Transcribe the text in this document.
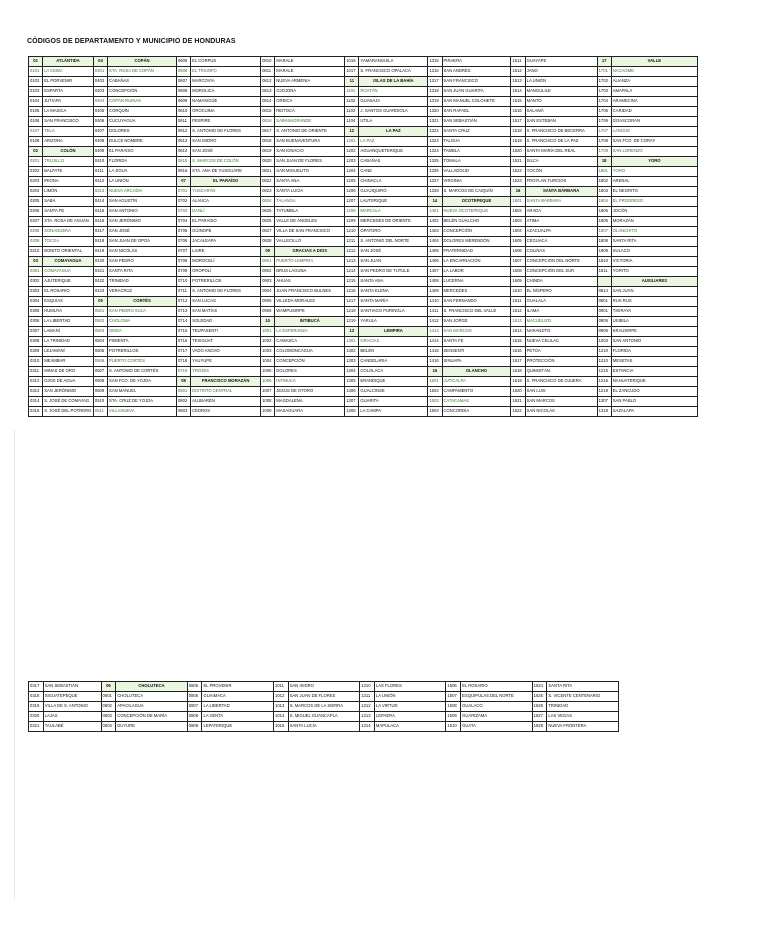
CÓDIGOS DE DEPARTAMENTO Y MUNICIPIO DE HONDURAS
01	ATLÁNTIDA	04	COPÁN	0605	EL CORPUS	0810	MARALE	1016	YAMARANGUILA	1315	PIRAERA	1511	GUAYAPE	17	VALLE
0101	LA CEIBA	0401	STA. ROSA DE COPÁN	0606	EL TRIUNFO	0811	MARALE	1017	S. FRANCISCO OPALACA	1316	SAN ANDRÉS	1512	JANO	1701	NACAOME
0102	EL PORVENIR	0402	CABAÑAS	0607	MARCOVIA	0812	NUEVA ARMENIA	11	ISLAS DE LA BAHÍA	1317	SAN FRANCISCO	1513	LA UNIÓN	1702	ALIANZA
0103	ESPARTA	0403	CONCEPCIÓN	0608	MOROLICA	0813	OJOJONA	1101	ROATÁN	1318	SAN JUAN GUARITA	1514	MANGULILE	1703	AMAPALA
0104	JUTIAPA	0404	COPÁN RUINAS	0609	NAMASIGÜE	0814	OREICA	1102	GUANAJA	1319	SAN MANUEL COLOHETE	1515	MANTO	1704	ARAMECINA
0105	LA MASICA	0405	CORQUÍN	0610	OROCUINA	0815	REITOCA	1103	J. SANTOS GUARDIOLA	1320	SAN RAFAEL	1516	SALAMÁ	1705	CARIDAD
0106	SAN FRANCISCO	0406	CUCUYAGUA	0611	PESPIRE	0816	SABANAGRANDE	1104	UTILA	1321	SAN SEBASTIÁN	1517	SAN ESTEBAN	1706	GOASCORÁN
0107	TELA	0407	DOLORES	0612	S. ANTONIO DE FLORES	0817	S. ANTONIO DE ORIENTE	12	LA PAZ	1322	SANTA CRUZ	1518	S. FRANCISCO DE BECERRA	1707	LANGUE
0108	ARIZONA	0408	DULCE NOMBRE	0613	SAN ISIDRO	0818	SAN BUENAVENTURA	1201	LA PAZ	1323	TALGUA	1519	S. FRANCISCO DE LA PAZ	1708	SAN FCO. DE CORAY
02	COLÓN	0409	EL PARAÍSO	0614	SAN JOSÉ	0819	SAN IGNACIO	1202	AGUANQUETERIQUE	1324	TAMBLA	1520	SANTA MARÍA DEL REAL	1709	SAN LORENZO
0201	TRUJILLO	0410	FLORIDA	0615	S. MARCOS DE COLÓN	0820	SAN JUAN DE FLORES	1203	CABAÑAS	1325	TOMALA	1521	SILCA	18	YORO
0202	BALFATE	0411	LA JIGUA	0616	STA. ANA DE YUSGUARE	0821	SAN MIGUELITO	1204	CANE	1326	VALLADOLID	1522	YOCÓN	1801	YORO
0203	IRIONA	0412	LA UNIÓN	07	EL PARAÍSO	0822	SANTA ANA	1205	CHINACLA	1327	VIRGINIA	1523	FROYLAN TURCIOS	1802	ARENAL
0204	LIMÓN	0413	NUEVA ARCADIA	0701	YUSCARÁN	0823	SANTA LUCÍA	1206	GUAJIQUIRO	1328	S. MARCOS DE CAIQUÍN	16	SANTA BÁRBARA	1803	EL NEGRITO
0205	SABÁ	0414	SAN AGUSTÍN	0702	ALAUCA	0824	TALANGA	1207	LAUTERIQUE	14	OCOTEPEQUE	1601	SANTA BÁRBARA	1804	EL PROGRESO
0206	SANTA FE	0415	SAN ANTONIO	0703	DANLÍ	0825	TATUMBLA	1208	MARCALA	1401	NUEVA OCOTEPEQUE	1602	ARADA	1805	JOCÓN
0207	STA. ROSA DE AGUÁN	0416	SAN JERÓNIMO	0704	EL PARAÍSO	0826	VALLE DE ÁNGELES	1209	MERCEDES DE ORIENTE	1402	BELÉN GUALCHO	1603	ATIMA	1806	MORAZÁN
0208	SONAGUERA	0417	SAN JOSÉ	0705	GÜINOPE	0827	VILLA DE SAN FRANCISCO	1210	OPATORO	1403	CONCEPCIÓN	1604	AZACUALPA	1807	OLANCHITO
0209	TOCOA	0418	SAN JUAN DE OPOA	0706	JACALEAPA	0828	VALLECILLO	1211	S. ANTONIO DEL NORTE	1404	DOLORES MERENDÓN	1605	CEGUACA	1808	SANTA RITA
0210	BONITO ORIENTAL	0419	SAN NICOLÁS	0707	LIURE	09	GRACIAS A DIOS	1212	SAN JOSÉ	1405	FRATERNIDAD	1606	COLINAS	1809	SULACO
03	COMAYAGUA	0420	SAN PEDRO	0708	MOROCELÍ	0901	PUERTO LEMPIRA	1213	SAN JUAN	1406	LA ENCARNACIÓN	1607	CONCEPCIÓN DEL NORTE	1810	VICTORIA
0301	COMAYAGUA	0421	SANTA RITA	0709	OROPOLÍ	0902	BRUS LAGUNA	1214	SAN PEDRO DE TUTULE	1407	LA LABOR	1608	CONCEPCIÓN DEL SUR	1811	YORITO
0302	AJUTERIQUE	0422	TRINIDAD	0710	POTRERILLOS	0903	AHUAS	1215	SANTA ANA	1408	LUCERNA	1609	CHINDA		AUXILIARES
0303	EL ROSARIO	0423	VERACRUZ	0711	S. ANTONIO DE FLORES	0904	JUAN FRANCISCO BULNES	1216	SANTA ELENA	1409	MERCEDES	1610	EL NÍSPERO	0814	SAN JUAN
0304	ESQUÍAS	05	CORTÉS	0712	SAN LUCAS	0905	VILLEDA MORALES	1217	SANTA MARÍA	1410	SAN FERNANDO	1611	GUALALA	0601	RUS RUS
0305	HUMUYA	0501	SAN PEDRO SULA	0713	SAN MATÍAS	0906	WAMPUSIRPE	1218	SANTIAGO PURINGLA	1411	S. FRANCISCO DEL VALLE	1612	ILAMA	0901	TIKIRAYA
0306	LA LIBERTAD	0502	CHOLOMA	0714	SOLEDAD	10	INTIBUCÁ	1219	YARULA	1412	SAN JORGE	1613	MACUELIZO	0905	USIBILA
0307	LAMANÍ	0503	OMOA	0715	TEUPASENTI	1001	LA ESPERANZA	13	LEMPIRA	1413	SAN MARCOS	1614	NARANJITO	0906	KRAUSIRPE
0308	LA TRINIDAD	0504	PIMIENTA	0716	TEXIGUAT	1002	CAMASCA	1301	GRACIAS	1414	SANTA FE	1615	NUEVA CELILAC	1003	SAN ANTONIO
0309	LEJAMANÍ	0505	POTRERILLOS	0717	VADO ANCHO	1003	COLOMONCAGUA	1302	BELÉN	1415	SENSENTI	1616	PETOA	1210	FLORIDA
0310	MEÁMBAR	0506	PUERTO CORTÉS	0718	YAUYUPE	1004	CONCEPCIÓN	1303	CANDELARIA	1416	SINUAPA	1617	PROTECCIÓN	1210	MESETAS
0311	MINAS DE ORO	0507	S. ANTONIO DE CORTÉS	0719	YROJES	1005	DOLORES	1304	COLOLACA	15	OLANCHO	1618	QUIMISTÁN	1215	ESTANCIA
0312	OJOS DE AGUA	0508	SAN FCO. DE YOJOA	08	FRANCISCO MORAZÁN	1006	INTIBUCÁ	1305	ERANDIQUE	1501	JUTICALPA	1619	S. FRANCISCO DE OJUERA	1216	NAHUATERIQUE
0313	SAN JERÓNIMO	0509	SAN MANUEL	0801	DISTRITO CENTRAL	1007	JESÚS DE OTORO	1306	GUALCINSE	1502	CAMPAMENTO	1620	SAN LUIS	1219	EL ZANCUDO
0314	S. JOSÉ DE COMAYAG.	0510	STA. CRUZ DE YOJOA	0802	ALUBARÉN	1008	MAGDALENA	1307	GUARITA	1503	CATACAMAS	1621	SAN MARCOS	1307	SAN PABLO
0315	S. JOSÉ DEL POTRERO	0511	VILLANUEVA	0803	CEDROS	1009	MASAGUARA	1308	LA CAMPA	1504	CONCORDIA	1622	SAN NICOLÁS	1318	SAZALAPA
0317	SAN SEBASTIÁN	06	CHOLUTECA	0805	EL PROVENIR	1011	SAN ISIDRO	1310	LAS FLORES	1506	EL ROSARIO	1624	SANTA RITA
0318	SIGUATEPEQUE	0601	CHOLUTECA	0806	GUAIMACA	1012	SAN JUAN DE FLORES	1311	LA UNIÓN	1507	ESQUIPULAS DEL NORTE	1625	S. VICENTE CENTENARIO
0319	VILLA DE S. ANTONIO	0602	APACILAGUA	0807	LA LIBERTAD	1013	S. MARCOS DE LA SIERRA	1312	LA VIRTUD	1508	GUALACO	1626	TRINIDAD
0320	LAJAS	0603	CONCEPCIÓN DE MARÍA	0808	LA VENTA	1014	S. MIGUEL GUANCAPLA	1313	LEPAERA	1509	GUARIZAMA	1627	LAS VEGAS
0321	TAULABÉ	0604	DUYURE	0809	LEPATERIQUE	1015	SANTA LUCÍA	1314	MAPULACA	1510	GUATA	1628	NUEVA FRONTERA
